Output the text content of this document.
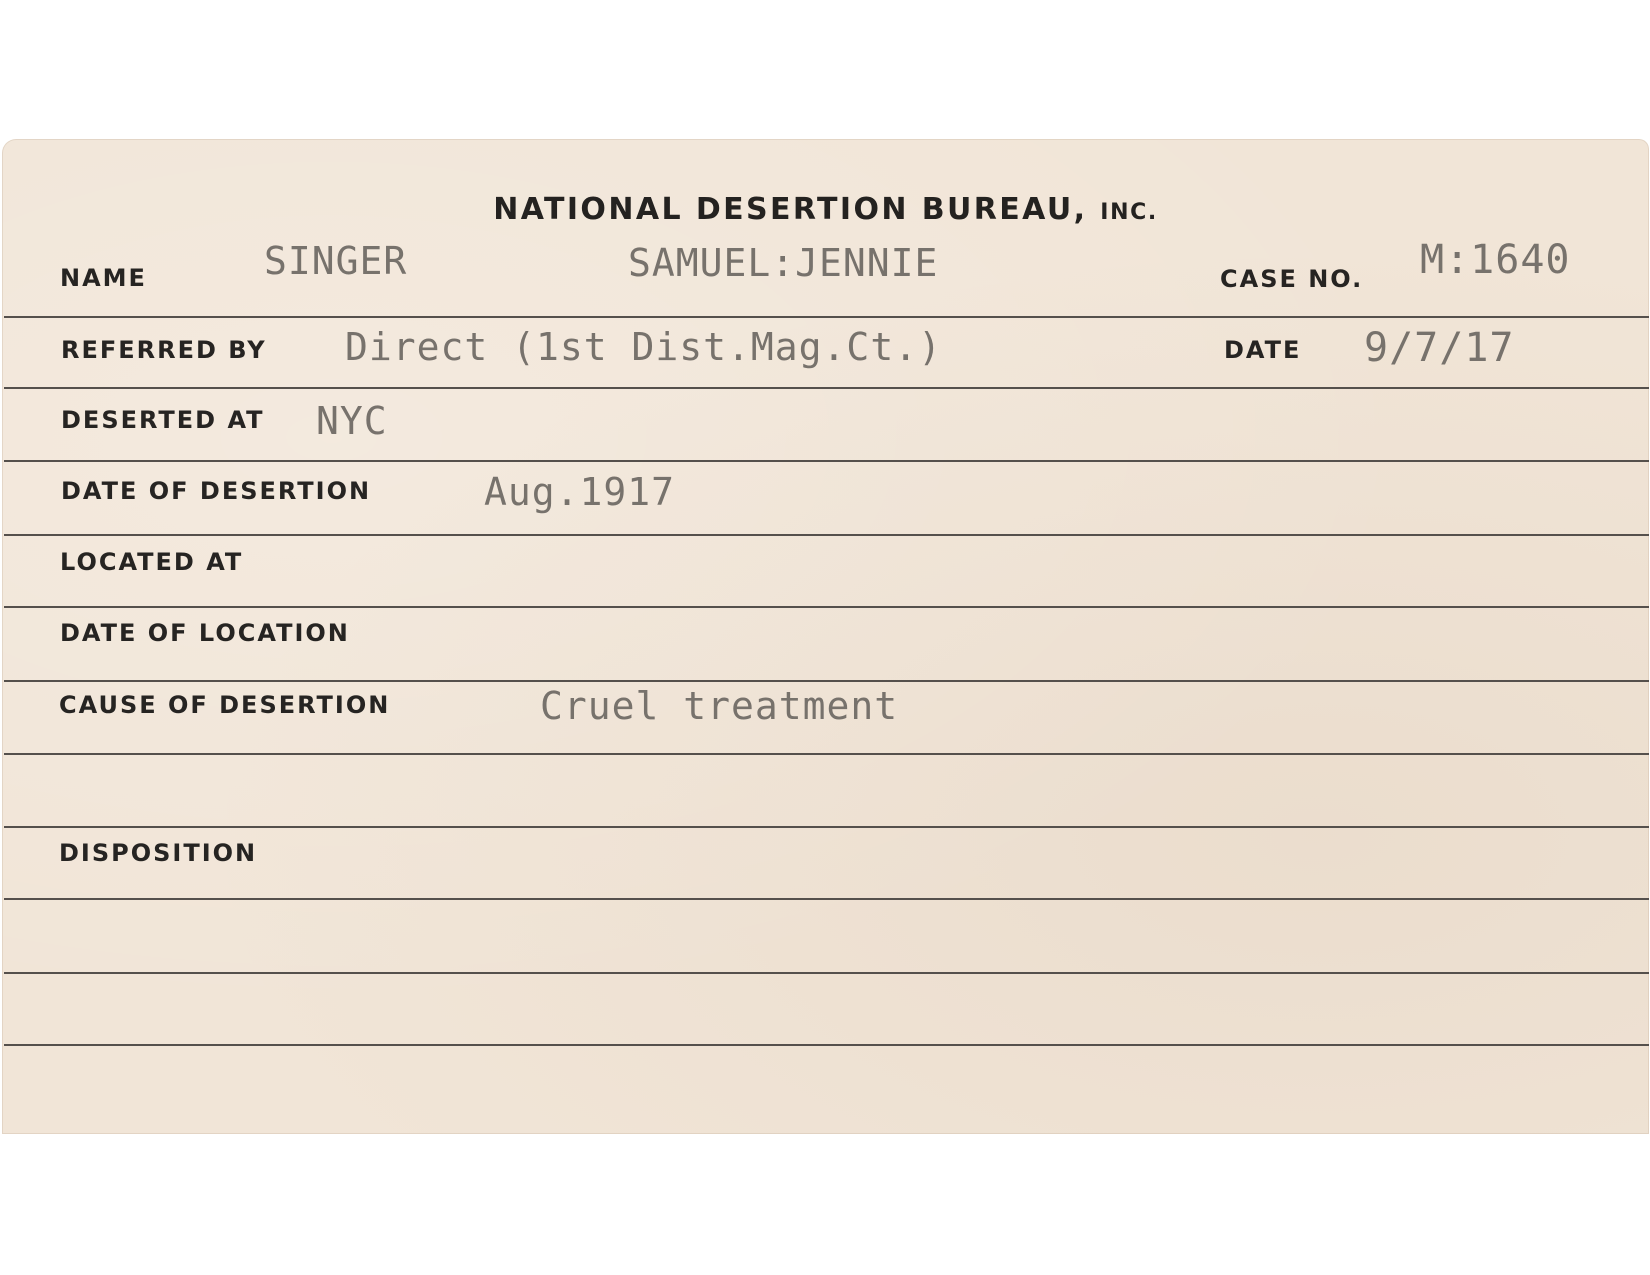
NATIONAL DESERTION BUREAU, INC.
NAME	SINGER	SAMUEL:JENNIE	CASE NO. M:1640
REFERRED BY Direct (1st Dist.Mag.Ct.)	DATE 9/7/17
DESERTED AT NYC
DATE OF DESERTION	Aug.1917
LOCATED AT
DATE OF LOCATION
CAUSE OF DESERTION	Cruel treatment
DISPOSITION
